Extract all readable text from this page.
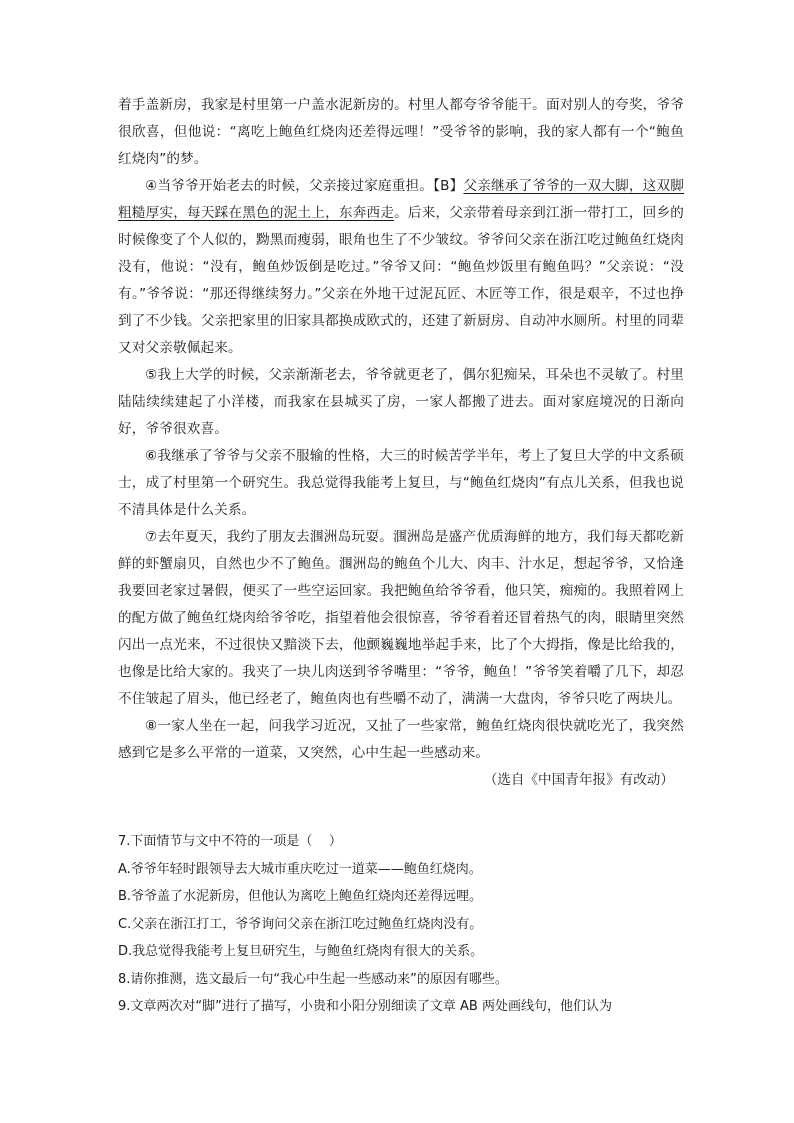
着手盖新房，我家是村里第一户盖水泥新房的。村里人都夸爷爷能干。面对别人的夸奖，爷爷很欣喜，但他说：“离吃上鲍鱼红烧肉还差得远哩！”受爷爷的影响，我的家人都有一个“鲍鱼红烧肉”的梦。

④当爷爷开始老去的时候，父亲接过家庭重担。【B】父亲继承了爷爷的一双大脚，这双脚粗糙厚实，每天踩在黑色的泥土上，东奔西走。后来，父亲带着母亲到江浙一带打工，回乡的时候像变了个人似的，黝黑而瘦弱，眼角也生了不少皱纹。爷爷问父亲在浙江吃过鲍鱼红烧肉没有，他说：“没有，鲍鱼炒饭倒是吃过。”爷爷又问：“鲍鱼炒饭里有鲍鱼吗？”父亲说：“没有。”爷爷说：“那还得继续努力。”父亲在外地干过泥瓦匠、木匠等工作，很是艰辛，不过也挣到了不少钱。父亲把家里的旧家具都换成欧式的，还建了新厨房、自动冲水厕所。村里的同辈又对父亲敬佩起来。

⑤我上大学的时候，父亲渐渐老去，爷爷就更老了，偶尔犯痴呆，耳朵也不灵敏了。村里陆陆续续建起了小洋楼，而我家在县城买了房，一家人都搬了进去。面对家庭境况的日渐向好，爷爷很欢喜。

⑥我继承了爷爷与父亲不服输的性格，大三的时候苦学半年，考上了复旦大学的中文系硕士，成了村里第一个研究生。我总觉得我能考上复旦，与“鲍鱼红烧肉”有点儿关系，但我也说不清具体是什么关系。

⑦去年夏天，我约了朋友去涠洲岛玩耍。涠洲岛是盛产优质海鲜的地方，我们每天都吃新鲜的虾蟹扇贝，自然也少不了鲍鱼。涠洲岛的鲍鱼个儿大、肉丰、汁水足，想起爷爷，又恰逢我要回老家过暑假，便买了一些空运回家。我把鲍鱼给爷爷看，他只笑，痴痴的。我照着网上的配方做了鲍鱼红烧肉给爷爷吃，指望着他会很惊喜，爷爷看着还冒着热气的肉，眼睛里突然闪出一点光来，不过很快又黯淡下去，他颤巍巍地举起手来，比了个大拇指，像是比给我的，也像是比给大家的。我夹了一块儿肉送到爷爷嘴里：“爷爷，鲍鱼！”爷爷笑着嚼了几下，却忍不住皱起了眉头，他已经老了，鲍鱼肉也有些嚼不动了，满满一大盘肉，爷爷只吃了两块儿。

⑧一家人坐在一起，问我学习近况，又扯了一些家常，鲍鱼红烧肉很快就吃光了，我突然感到它是多么平常的一道菜，又突然，心中生起一些感动来。

（选自《中国青年报》有改动）

7.下面情节与文中不符的一项是（    ）

A.爷爷年轻时跟领导去大城市重庆吃过一道菜——鲍鱼红烧肉。

B.爷爷盖了水泥新房，但他认为离吃上鲍鱼红烧肉还差得远哩。

C.父亲在浙江打工，爷爷询问父亲在浙江吃过鲍鱼红烧肉没有。

D.我总觉得我能考上复旦研究生，与鲍鱼红烧肉有很大的关系。

8.请你推测，选文最后一句“我心中生起一些感动来”的原因有哪些。

9.文章两次对“脚”进行了描写，小贵和小阳分别细读了文章 AB 两处画线句，他们认为
